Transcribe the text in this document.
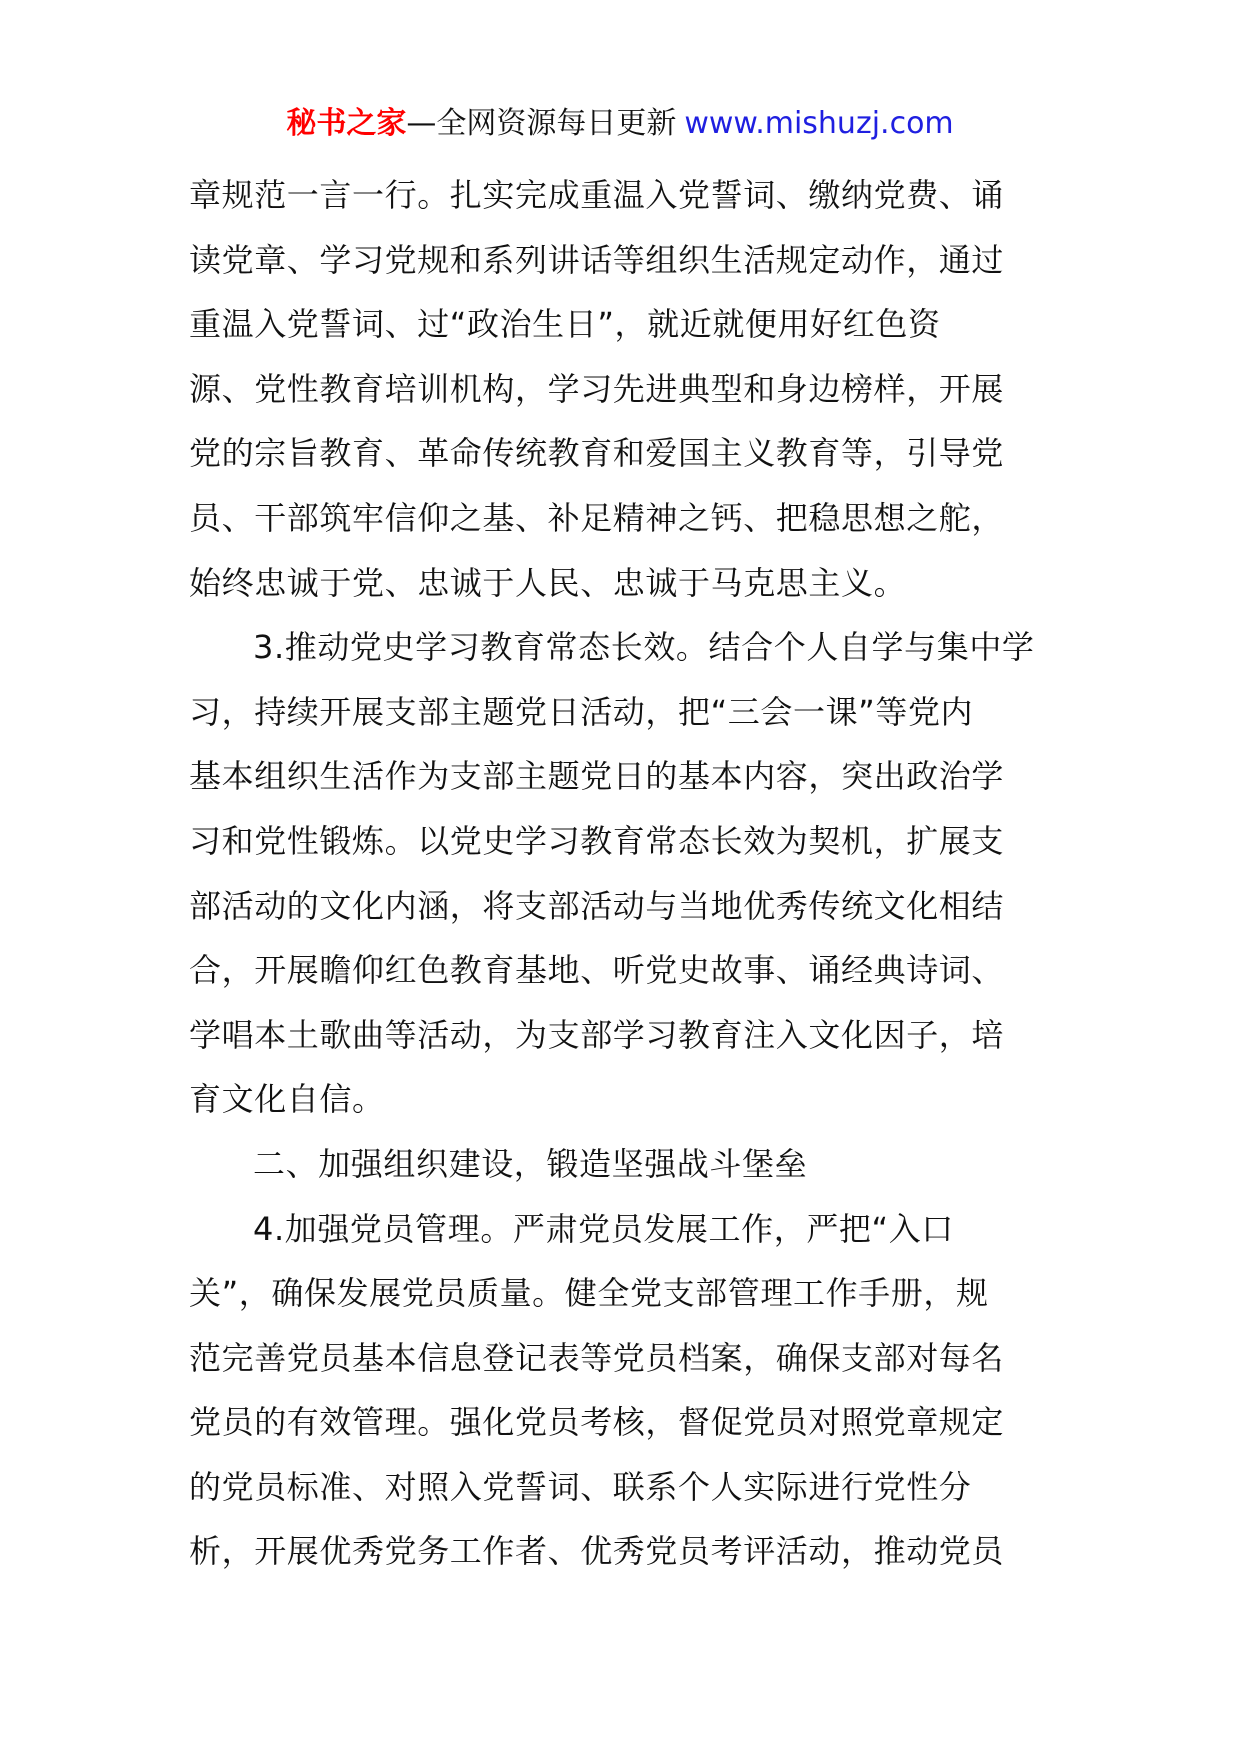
秘书之家—全网资源每日更新 www.mishuzj.com
章规范一言一行。扎实完成重温入党誓词、缴纳党费、诵
读党章、学习党规和系列讲话等组织生活规定动作，通过
重温入党誓词、过“政治生日”，就近就便用好红色资
源、党性教育培训机构，学习先进典型和身边榜样，开展
党的宗旨教育、革命传统教育和爱国主义教育等，引导党
员、干部筑牢信仰之基、补足精神之钙、把稳思想之舵，
始终忠诚于党、忠诚于人民、忠诚于马克思主义。
3.推动党史学习教育常态长效。结合个人自学与集中学
习，持续开展支部主题党日活动，把“三会一课”等党内
基本组织生活作为支部主题党日的基本内容，突出政治学
习和党性锻炼。以党史学习教育常态长效为契机，扩展支
部活动的文化内涵，将支部活动与当地优秀传统文化相结
合，开展瞻仰红色教育基地、听党史故事、诵经典诗词、
学唱本土歌曲等活动，为支部学习教育注入文化因子，培
育文化自信。
二、加强组织建设，锻造坚强战斗堡垒
4.加强党员管理。严肃党员发展工作，严把“入口
关”，确保发展党员质量。健全党支部管理工作手册，规
范完善党员基本信息登记表等党员档案，确保支部对每名
党员的有效管理。强化党员考核，督促党员对照党章规定
的党员标准、对照入党誓词、联系个人实际进行党性分
析，开展优秀党务工作者、优秀党员考评活动，推动党员
